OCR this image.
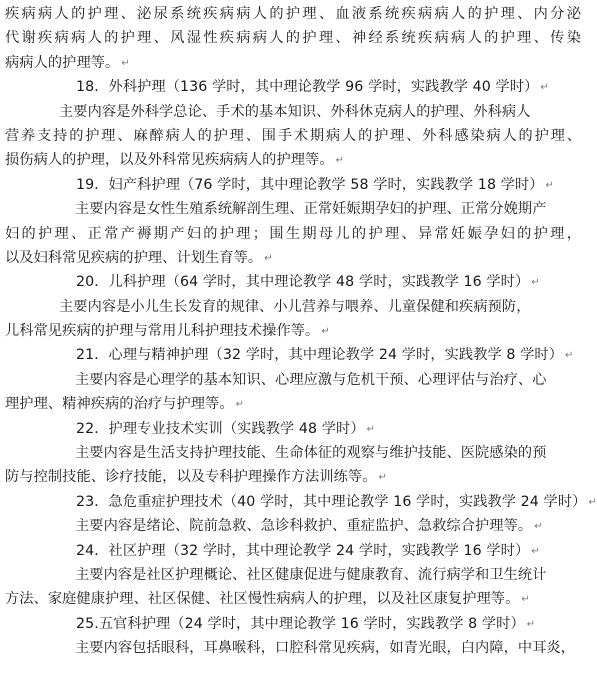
疾病病人的护理、泌尿系统疾病病人的护理、血液系统疾病病人的护理、内分泌
代谢疾病病人的护理、风湿性疾病病人的护理、神经系统疾病病人的护理、传染
病病人的护理等。 ↵
18．外科护理（136 学时，其中理论教学 96 学时，实践教学 40 学时） ↵
主要内容是外科学总论、手术的基本知识、外科休克病人的护理、外科病人
营养支持的护理、麻醉病人的护理、围手术期病人的护理、外科感染病人的护理、
损伤病人的护理，以及外科常见疾病病人的护理等。 ↵
19．妇产科护理（76 学时，其中理论教学 58 学时，实践教学 18 学时） ↵
主要内容是女性生殖系统解剖生理、正常妊娠期孕妇的护理、正常分娩期产
妇的护理、正常产褥期产妇的护理；围生期母儿的护理、异常妊娠孕妇的护理，
以及妇科常见疾病的护理、计划生育等。 ↵
20．儿科护理（64 学时，其中理论教学 48 学时，实践教学 16 学时） ↵
主要内容是小儿生长发育的规律、小儿营养与喂养、儿童保健和疾病预防，
儿科常见疾病的护理与常用儿科护理技术操作等。 ↵
21．心理与精神护理（32 学时，其中理论教学 24 学时，实践教学 8 学时） ↵
主要内容是心理学的基本知识、心理应激与危机干预、心理评估与治疗、心
理护理、精神疾病的治疗与护理等。 ↵
22．护理专业技术实训（实践教学 48 学时） ↵
主要内容是生活支持护理技能、生命体征的观察与维护技能、医院感染的预
防与控制技能、诊疗技能，以及专科护理操作方法训练等。 ↵
23．急危重症护理技术（40 学时，其中理论教学 16 学时，实践教学 24 学时） ↵
主要内容是绪论、院前急救、急诊科救护、重症监护、急救综合护理等。 ↵
24．社区护理（32 学时，其中理论教学 24 学时，实践教学 16 学时） ↵
主要内容是社区护理概论、社区健康促进与健康教育、流行病学和卫生统计
方法、家庭健康护理、社区保健、社区慢性病病人的护理，以及社区康复护理等。 ↵
25.五官科护理（24 学时，其中理论教学 16 学时，实践教学 8 学时） ↵
主要内容包括眼科，耳鼻喉科，口腔科常见疾病，如青光眼，白内障，中耳炎，
